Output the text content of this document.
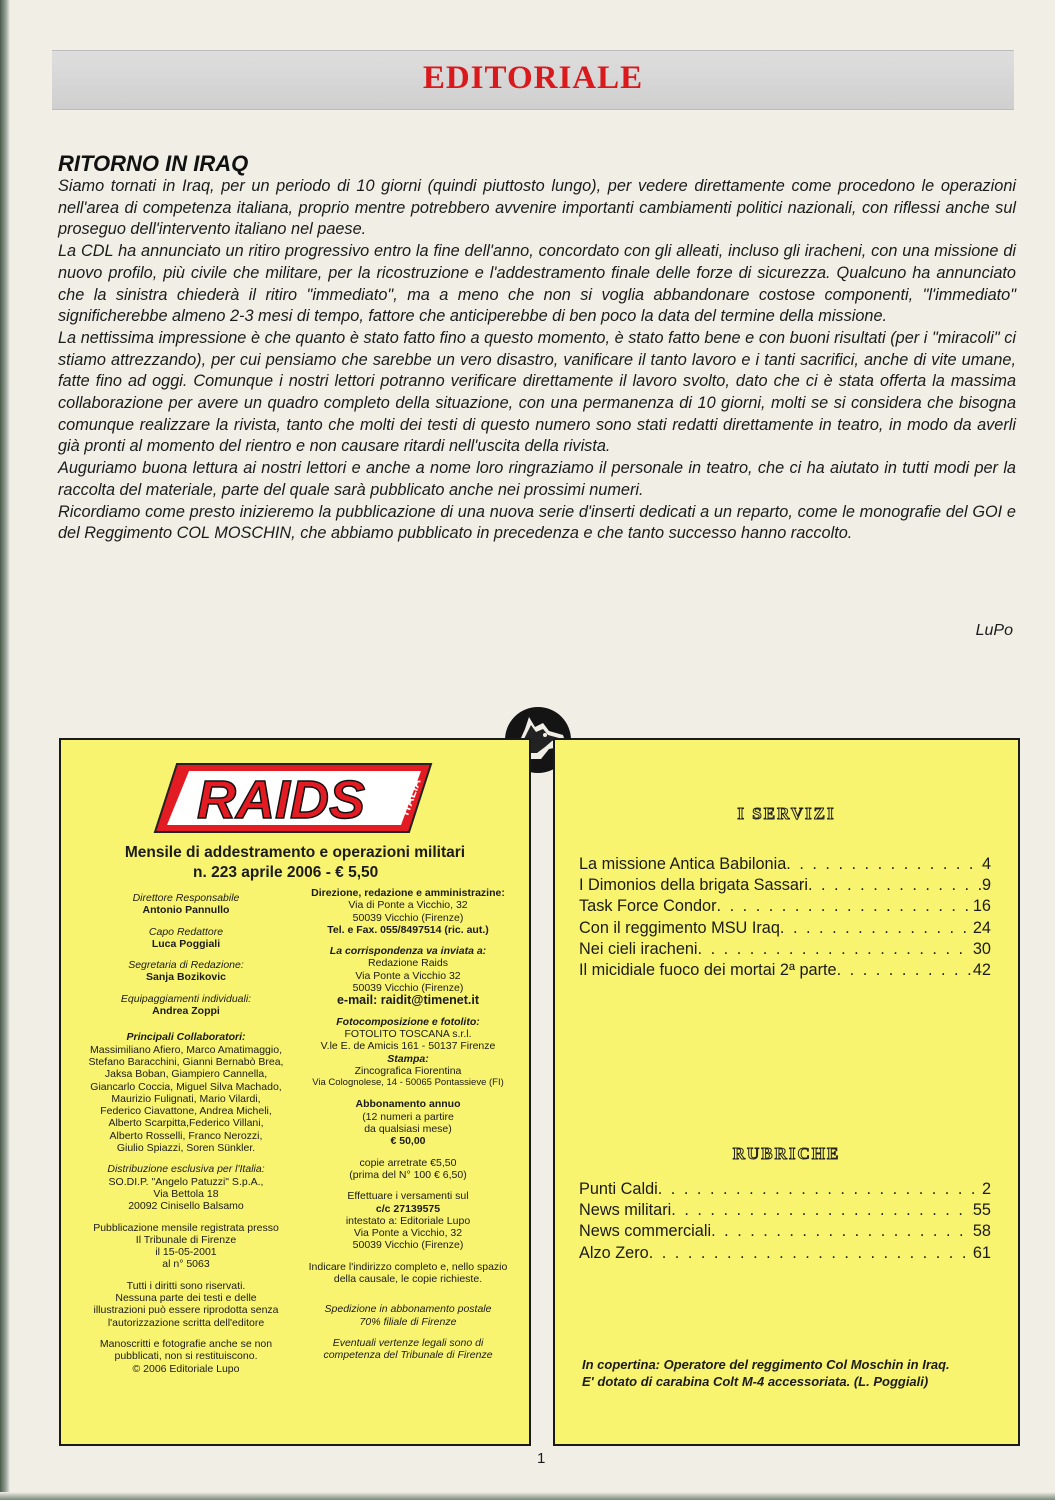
EDITORIALE
RITORNO IN IRAQ

Siamo tornati in Iraq, per un periodo di 10 giorni (quindi piuttosto lungo), per vedere direttamente come procedono le operazioni nell'area di competenza italiana, proprio mentre potrebbero avvenire importanti cambiamenti politici nazionali, con riflessi anche sul proseguo dell'intervento italiano nel paese.

La CDL ha annunciato un ritiro progressivo entro la fine dell'anno, concordato con gli alleati, incluso gli iracheni, con una missione di nuovo profilo, più civile che militare, per la ricostruzione e l'addestramento finale delle forze di sicurezza. Qualcuno ha annunciato che la sinistra chiederà il ritiro "immediato", ma a meno che non si voglia abbandonare costose componenti, "l'immediato" significherebbe almeno 2-3 mesi di tempo, fattore che anticiperebbe di ben poco la data del termine della missione.

La nettissima impressione è che quanto è stato fatto fino a questo momento, è stato fatto bene e con buoni risultati (per i "miracoli" ci stiamo attrezzando), per cui pensiamo che sarebbe un vero disastro, vanificare il tanto lavoro e i tanti sacrifici, anche di vite umane, fatte fino ad oggi. Comunque i nostri lettori potranno verificare direttamente il lavoro svolto, dato che ci è stata offerta la massima collaborazione per avere un quadro completo della situazione, con una permanenza di 10 giorni, molti se si considera che bisogna comunque realizzare la rivista, tanto che molti dei testi di questo numero sono stati redatti direttamente in teatro, in modo da averli già pronti al momento del rientro e non causare ritardi nell'uscita della rivista.

Auguriamo buona lettura ai nostri lettori e anche a nome loro ringraziamo il personale in teatro, che ci ha aiutato in tutti modi per la raccolta del materiale, parte del quale sarà pubblicato anche nei prossimi numeri.

Ricordiamo come presto inizieremo la pubblicazione di una nuova serie d'inserti dedicati a un reparto, come le monografie del GOI e del Reggimento COL MOSCHIN, che abbiamo pubblicato in precedenza e che tanto successo hanno raccolto.

LuPo
RAIDS	ITALIA
Mensile di addestramento e operazioni militari
n. 223 aprile 2006 - € 5,50
Direttore Responsabile
Antonio Pannullo
Capo Redattore
Luca Poggiali
Segretaria di Redazione:
Sanja Bozikovic
Equipaggiamenti individuali:
Andrea Zoppi
Principali Collaboratori:
Massimiliano Afiero, Marco Amatimaggio,
Stefano Baracchini, Gianni Bernabò Brea,
Jaksa Boban, Giampiero Cannella,
Giancarlo Coccia, Miguel Silva Machado,
Maurizio Fulignati, Mario Vilardi,
Federico Ciavattone, Andrea Micheli,
Alberto Scarpitta,Federico Villani,
Alberto Rosselli, Franco Nerozzi,
Giulio Spiazzi, Soren Sünkler.
Distribuzione esclusiva per l'Italia:
SO.DI.P. "Angelo Patuzzi" S.p.A.,
Via Bettola 18
20092 Cinisello Balsamo
Pubblicazione mensile registrata presso
Il Tribunale di Firenze
il 15-05-2001
al n° 5063
Tutti i diritti sono riservati.
Nessuna parte dei testi e delle
illustrazioni può essere riprodotta senza
l'autorizzazione scritta dell'editore
Manoscritti e fotografie anche se non
pubblicati, non si restituiscono.
© 2006 Editoriale Lupo
Direzione, redazione e amministrazine:
Via di Ponte a Vicchio, 32
50039 Vicchio (Firenze)
Tel. e Fax. 055/8497514 (ric. aut.)
La corrispondenza va inviata a:
Redazione Raids
Via Ponte a Vicchio 32
50039 Vicchio (Firenze)
e-mail: raidit@timenet.it
Fotocomposizione e fotolito:
FOTOLITO TOSCANA s.r.l.
V.le E. de Amicis 161 - 50137 Firenze
Stampa:
Zincografica Fiorentina
Via Colognolese, 14 - 50065 Pontassieve (FI)
Abbonamento annuo
(12 numeri a partire
da qualsiasi mese)
€ 50,00
copie arretrate €5,50
(prima del N° 100 € 6,50)
Effettuare i versamenti sul
c/c 27139575
intestato a: Editoriale Lupo
Via Ponte a Vicchio, 32
50039 Vicchio (Firenze)
Indicare l'indirizzo completo e, nello spazio
della causale, le copie richieste.
Spedizione in abbonamento postale
70% filiale di Firenze
Eventuali vertenze legali sono di
competenza del Tribunale di Firenze
I SERVIZI
La missione Antica Babilonia . . .	4
I Dimonios della brigata Sassari . . .	9
Task Force Condor . . .	16
Con il reggimento MSU Iraq . . .	24
Nei cieli iracheni . . .	30
Il micidiale fuoco dei mortai 2ª parte . . .	42
RUBRICHE
Punti Caldi . . .	2
News militari . . .	55
News commerciali . . .	58
Alzo Zero . . .	61
In copertina: Operatore del reggimento Col Moschin in Iraq.
E' dotato di carabina Colt M-4 accessoriata. (L. Poggiali)
1
